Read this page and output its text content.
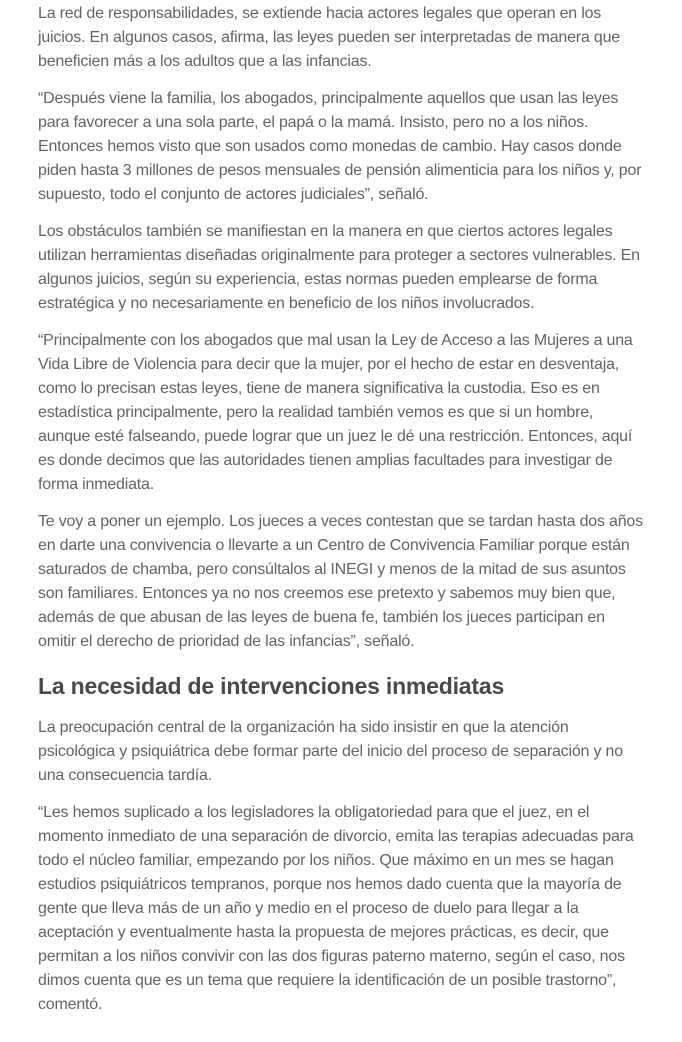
La red de responsabilidades, se extiende hacia actores legales que operan en los juicios. En algunos casos, afirma, las leyes pueden ser interpretadas de manera que beneficien más a los adultos que a las infancias.

“Después viene la familia, los abogados, principalmente aquellos que usan las leyes para favorecer a una sola parte, el papá o la mamá. Insisto, pero no a los niños. Entonces hemos visto que son usados como monedas de cambio. Hay casos donde piden hasta 3 millones de pesos mensuales de pensión alimenticia para los niños y, por supuesto, todo el conjunto de actores judiciales”, señaló.

Los obstáculos también se manifiestan en la manera en que ciertos actores legales utilizan herramientas diseñadas originalmente para proteger a sectores vulnerables. En algunos juicios, según su experiencia, estas normas pueden emplearse de forma estratégica y no necesariamente en beneficio de los niños involucrados.

“Principalmente con los abogados que mal usan la Ley de Acceso a las Mujeres a una Vida Libre de Violencia para decir que la mujer, por el hecho de estar en desventaja, como lo precisan estas leyes, tiene de manera significativa la custodia. Eso es en estadística principalmente, pero la realidad también vemos es que si un hombre, aunque esté falseando, puede lograr que un juez le dé una restricción. Entonces, aquí es donde decimos que las autoridades tienen amplias facultades para investigar de forma inmediata.

Te voy a poner un ejemplo. Los jueces a veces contestan que se tardan hasta dos años en darte una convivencia o llevarte a un Centro de Convivencia Familiar porque están saturados de chamba, pero consúltalos al INEGI y menos de la mitad de sus asuntos son familiares. Entonces ya no nos creemos ese pretexto y sabemos muy bien que, además de que abusan de las leyes de buena fe, también los jueces participan en omitir el derecho de prioridad de las infancias”, señaló.

La necesidad de intervenciones inmediatas

La preocupación central de la organización ha sido insistir en que la atención psicológica y psiquiátrica debe formar parte del inicio del proceso de separación y no una consecuencia tardía.

“Les hemos suplicado a los legisladores la obligatoriedad para que el juez, en el momento inmediato de una separación de divorcio, emita las terapias adecuadas para todo el núcleo familiar, empezando por los niños. Que máximo en un mes se hagan estudios psiquiátricos tempranos, porque nos hemos dado cuenta que la mayoría de gente que lleva más de un año y medio en el proceso de duelo para llegar a la aceptación y eventualmente hasta la propuesta de mejores prácticas, es decir, que permitan a los niños convivir con las dos figuras paterno materno, según el caso, nos dimos cuenta que es un tema que requiere la identificación de un posible trastorno”, comentó.
